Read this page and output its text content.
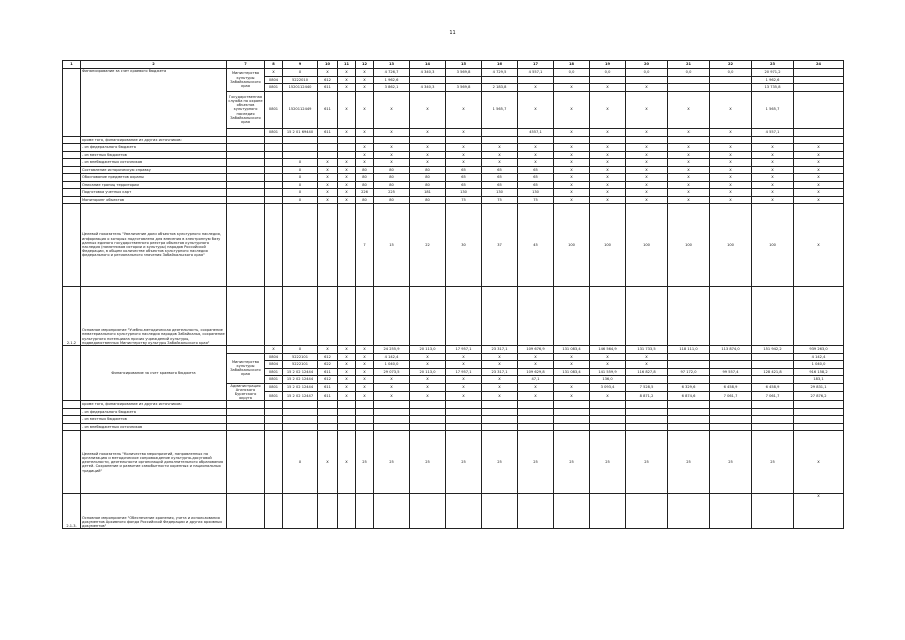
11
1	2	7	8	9	10	11	12	13	14	15	16	17	18	19	20	21	22	23	24
	Финансирование за счет краевого бюджета	Министерство культуры Забайкальского края	Х	Х	Х	Х	Х	4 726,7	4 340,3	3 569,8	4 729,5	4 557,1	0,0	0,0	0,0	0,0	0,0	20 971,2	
			0804	5222010	612	Х	Х	1 962,6										1 962,6	
			0801	1520112440	611	Х	Х	3 862,1	4 340,3	3 569,8	2 183,8	Х	Х	Х	Х			13 735,8	
		Государственная служба по охране объектов культурного наследия Забайкальского края	0801	1520112449	611	Х	Х	Х	Х	Х	1 565,7	Х	Х	Х	Х	Х	Х	1 565,7	
			0801	15 2 01 69440	611	Х	Х	Х	Х	Х		4557,1	Х	Х	Х	Х	Х	4 557,1	
	кроме того, финансирование из других источников:																		
	- из федерального бюджета						Х	Х	Х	Х	Х	Х	Х	Х	Х	Х	Х	Х	Х
	- из местных бюджетов						Х	Х	Х	Х	Х	Х	Х	Х	Х	Х	Х	Х	Х
	- из внебюджетных источников			Х	Х	Х	Х	Х	Х	Х	Х	Х	Х	Х	Х	Х	Х	Х	Х
	Составление историческую справку			Х	Х	Х	80	80	80	65	65	65	Х	Х	Х	Х	Х	Х	Х
	Обоснование предметов охраны			Х	Х	Х	80	80	80	65	65	65	Х	Х	Х	Х	Х	Х	Х
	Описание границ территории			Х	Х	Х	80	80	80	65	65	65	Х	Х	Х	Х	Х	Х	Х
	Подготовка учетных карт			Х	Х	Х	226	225	181	130	130	130	Х	Х	Х	Х	Х	Х	Х
	Мониторинг объектов			Х	Х	Х	80	80	80	75	75	75	Х	Х	Х	Х	Х	Х	Х
	Целевой показатель "Увеличение доли объектов культурного наследия, информация о которых подготовлена для внесения в электронную базу данных единого государственного реестра объектов культурного наследия (памятников истории и культуры) народов Российской Федерации, в общем количестве объектов культурного наследия федерального и регионального значения Забайкальского края"						7	15	22	30	37	45	100	100	100	100	100	100	Х
2.1.2	Основное мероприятие "Учебно-методическая деятельность, сохранение нематериального культурного наследия народов Забайкалья, сохранение культурного потенциала прочих учреждений культуры, подведомственных Министерству культуры Забайкальского края"																		
	Финансирование за счет краевого бюджета		Х	Х	Х	Х	Х	24 255,9	20 113,0	17 957,1	23 317,1	109 676,9	131 083,4	146 564,9	131 733,5	118 111,0	113 874,0	151 942,2	939 263,0
		Министерство культуры Забайкальского края	0804	5222101	612	Х	Х	4 142,4	Х	Х	Х	Х	Х	Х	Х				4 142,4
			0804	5222101	622	Х	Х	1 040,0	Х	Х	Х	Х	Х	Х	Х				1 040,0
			0801	15 2 02 12444	611	Х	Х	29 073,5	20 113,0	17 957,1	23 317,1	109 629,8	131 083,4	141 559,9	116 827,8	97 172,0	99 557,4	128 421,8	916 158,2
			0801	15 2 02 12444	612	Х	Х	Х	Х	Х	Х	47,1		136,0					183,1
		Администрация Агинского Бурятского округа	0801	15 2 02 12444	611	Х	Х	Х	Х	Х	Х	Х	Х	3 093,4	7 528,5	6 329,6	6 458,9	6 458,9	29 831,1
			0801	15 2 02 12447	611	Х	Х	Х	Х	Х	Х	Х	Х	Х	8 871,2	6 874,6	7 061,7	7 061,7	27 876,2
	кроме того, финансирование из других источников:																		
	- из федерального бюджета																		
	- из местных бюджетов																		
	- из внебюджетных источников																		
	Целевой показатель "Количество мероприятий, направленных на организацию и методическое сопровождение культурно-досуговой деятельности, деятельности организаций дополнительного образования детей. Сохранение и развитие самобытности коренных и национальных традиций"			Х	Х	Х	25	25	25	25	25	25	25	25	25	25	25	25	Х
2.1.3.	Основное мероприятие "Обеспечение хранения, учета и использования документов Архивного фонда Российской Федерации и других архивных документов"																		Х
